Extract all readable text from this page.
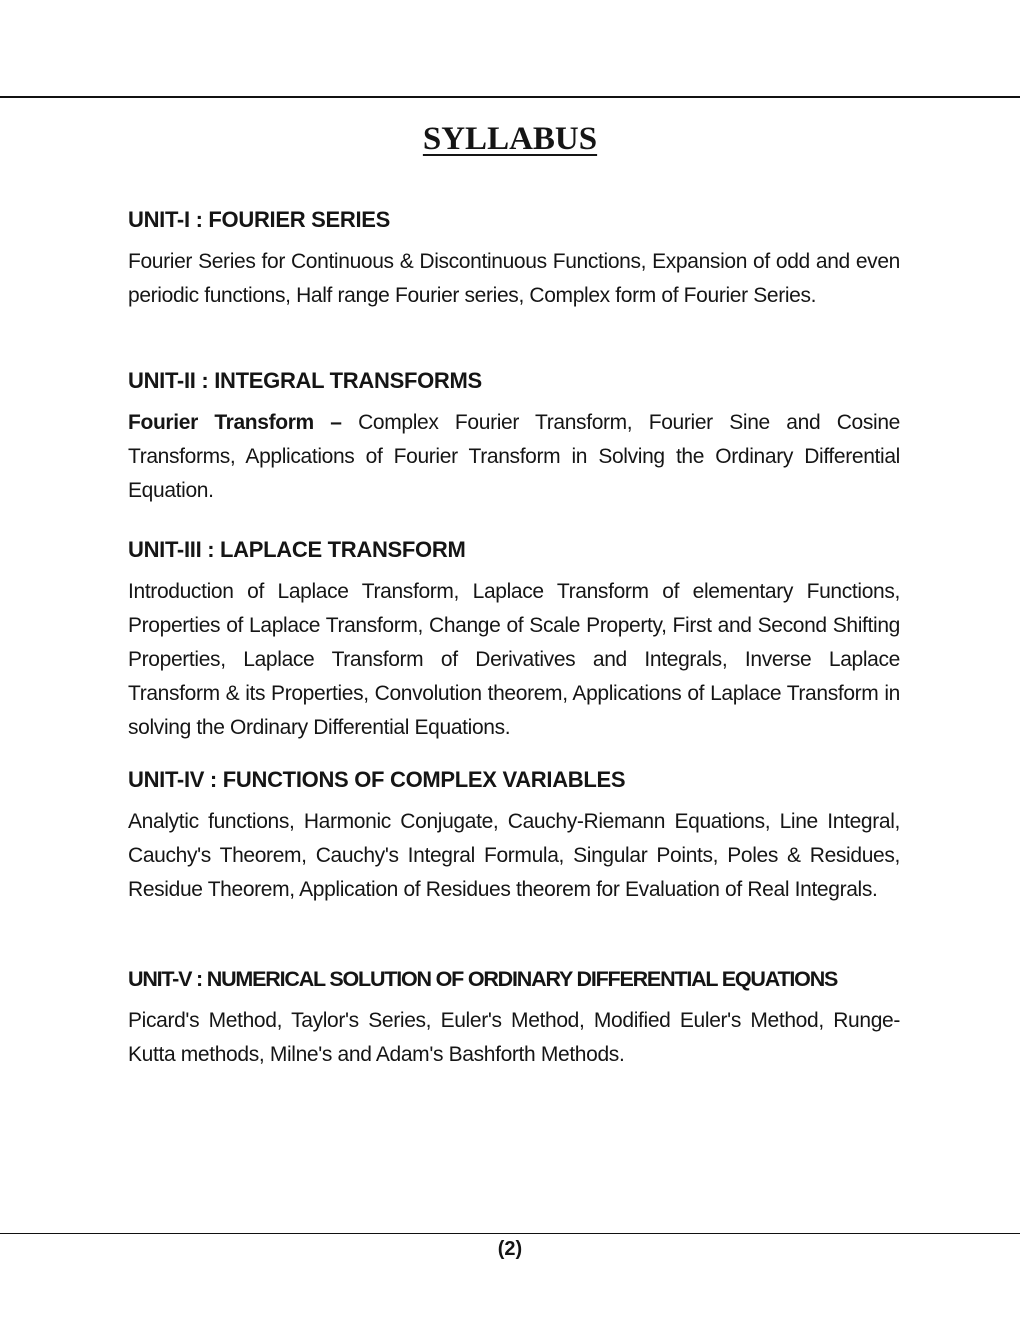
SYLLABUS
UNIT-I : FOURIER SERIES

Fourier Series for Continuous & Discontinuous Functions, Expansion of odd and even periodic functions, Half range Fourier series, Complex form of Fourier Series.

UNIT-II : INTEGRAL TRANSFORMS

Fourier Transform – Complex Fourier Transform, Fourier Sine and Cosine Transforms, Applications of Fourier Transform in Solving the Ordinary Differential Equation.

UNIT-III : LAPLACE TRANSFORM

Introduction of Laplace Transform, Laplace Transform of elementary Functions, Properties of Laplace Transform, Change of Scale Property, First and Second Shifting Properties, Laplace Transform of Derivatives and Integrals, Inverse Laplace Transform & its Properties, Convolution theorem, Applications of Laplace Transform in solving the Ordinary Differential Equations.

UNIT-IV : FUNCTIONS OF COMPLEX VARIABLES

Analytic functions, Harmonic Conjugate, Cauchy-Riemann Equations, Line Integral, Cauchy's Theorem, Cauchy's Integral Formula, Singular Points, Poles & Residues, Residue Theorem, Application of Residues theorem for Evaluation of Real Integrals.

UNIT-V : NUMERICAL SOLUTION OF ORDINARY DIFFERENTIAL EQUATIONS

Picard's Method, Taylor's Series, Euler's Method, Modified Euler's Method, Runge-Kutta methods, Milne's and Adam's Bashforth Methods.

(2)
